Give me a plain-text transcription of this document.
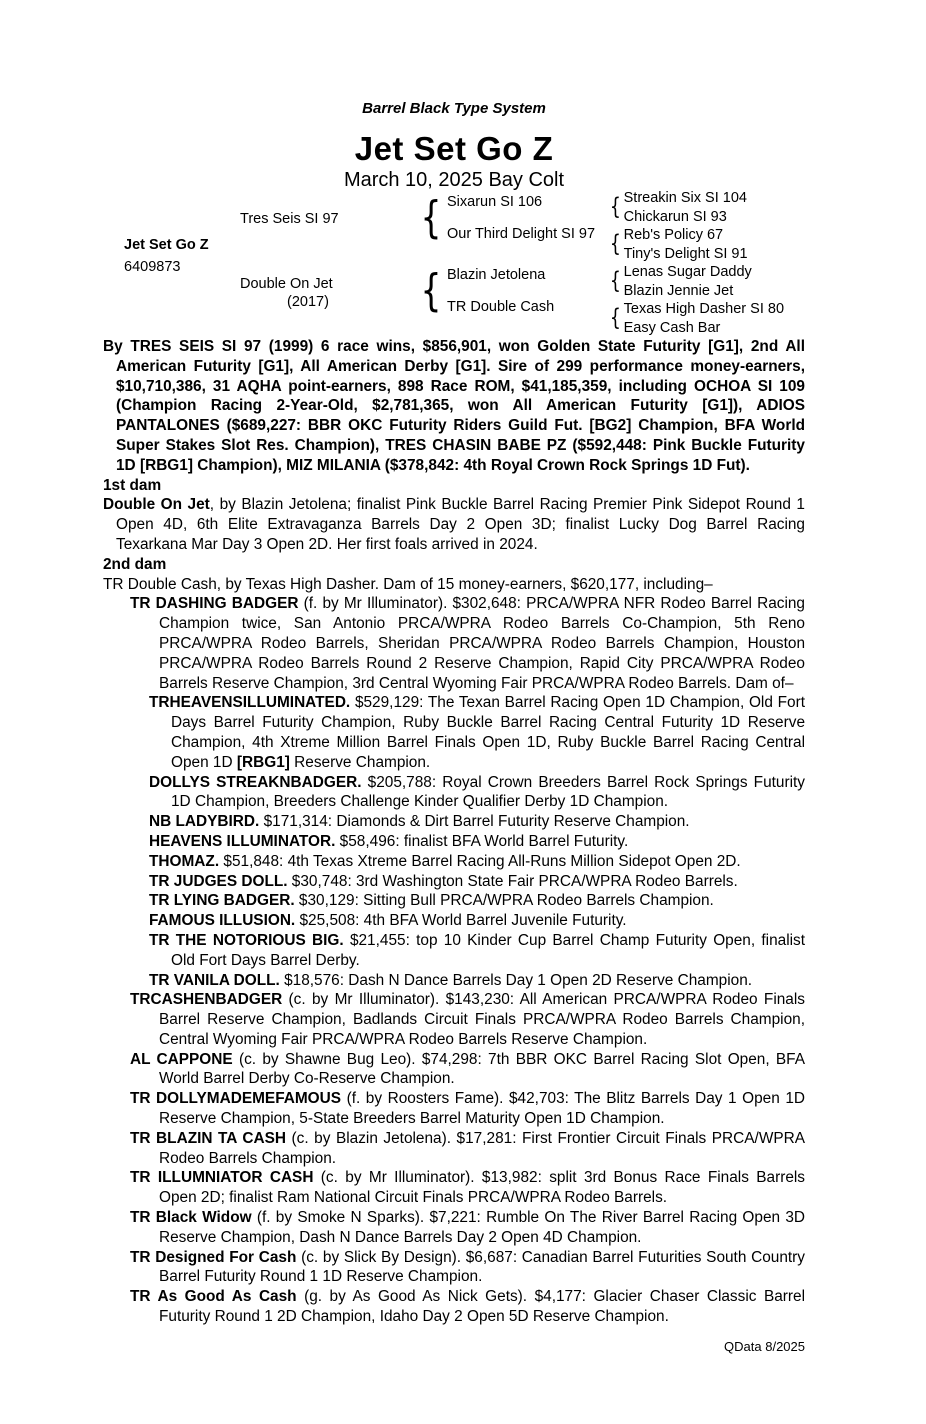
Barrel Black Type System
Jet Set Go Z
March 10, 2025 Bay Colt
Jet Set Go Z
6409873
Tres Seis SI 97
Double On Jet
(2017)
{ Sixarun SI 106
Our Third Delight SI 97
{ Blazin Jetolena
TR Double Cash
{ Streakin Six SI 104
Chickarun SI 93
{ Reb's Policy 67
Tiny's Delight SI 91
{ Lenas Sugar Daddy
Blazin Jennie Jet
{ Texas High Dasher SI 80
Easy Cash Bar
By TRES SEIS SI 97 (1999) 6 race wins, $856,901, won Golden State Futurity [G1], 2nd All American Futurity [G1], All American Derby [G1]. Sire of 299 performance money-earners, $10,710,386, 31 AQHA point-earners, 898 Race ROM, $41,185,359, including OCHOA SI 109 (Champion Racing 2-Year-Old, $2,781,365, won All American Futurity [G1]), ADIOS PANTALONES ($689,227: BBR OKC Futurity Riders Guild Fut. [BG2] Champion, BFA World Super Stakes Slot Res. Champion), TRES CHASIN BABE PZ ($592,448: Pink Buckle Futurity 1D [RBG1] Champion), MIZ MILANIA ($378,842: 4th Royal Crown Rock Springs 1D Fut).
1st dam
Double On Jet, by Blazin Jetolena; finalist Pink Buckle Barrel Racing Premier Pink Sidepot Round 1 Open 4D, 6th Elite Extravaganza Barrels Day 2 Open 3D; finalist Lucky Dog Barrel Racing Texarkana Mar Day 3 Open 2D. Her first foals arrived in 2024.
2nd dam
TR Double Cash, by Texas High Dasher. Dam of 15 money-earners, $620,177, including–
TR DASHING BADGER (f. by Mr Illuminator). $302,648: PRCA/WPRA NFR Rodeo Barrel Racing Champion twice, San Antonio PRCA/WPRA Rodeo Barrels Co-Champion, 5th Reno PRCA/WPRA Rodeo Barrels, Sheridan PRCA/WPRA Rodeo Barrels Champion, Houston PRCA/WPRA Rodeo Barrels Round 2 Reserve Champion, Rapid City PRCA/WPRA Rodeo Barrels Reserve Champion, 3rd Central Wyoming Fair PRCA/WPRA Rodeo Barrels. Dam of–
TRHEAVENSILLUMINATED. $529,129: The Texan Barrel Racing Open 1D Champion, Old Fort Days Barrel Futurity Champion, Ruby Buckle Barrel Racing Central Futurity 1D Reserve Champion, 4th Xtreme Million Barrel Finals Open 1D, Ruby Buckle Barrel Racing Central Open 1D [RBG1] Reserve Champion.
DOLLYS STREAKNBADGER. $205,788: Royal Crown Breeders Barrel Rock Springs Futurity 1D Champion, Breeders Challenge Kinder Qualifier Derby 1D Champion.
NB LADYBIRD. $171,314: Diamonds & Dirt Barrel Futurity Reserve Champion.
HEAVENS ILLUMINATOR. $58,496: finalist BFA World Barrel Futurity.
THOMAZ. $51,848: 4th Texas Xtreme Barrel Racing All-Runs Million Sidepot Open 2D.
TR JUDGES DOLL. $30,748: 3rd Washington State Fair PRCA/WPRA Rodeo Barrels.
TR LYING BADGER. $30,129: Sitting Bull PRCA/WPRA Rodeo Barrels Champion.
FAMOUS ILLUSION. $25,508: 4th BFA World Barrel Juvenile Futurity.
TR THE NOTORIOUS BIG. $21,455: top 10 Kinder Cup Barrel Champ Futurity Open, finalist Old Fort Days Barrel Derby.
TR VANILA DOLL. $18,576: Dash N Dance Barrels Day 1 Open 2D Reserve Champion.
TRCASHENBADGER (c. by Mr Illuminator). $143,230: All American PRCA/WPRA Rodeo Finals Barrel Reserve Champion, Badlands Circuit Finals PRCA/WPRA Rodeo Barrels Champion, Central Wyoming Fair PRCA/WPRA Rodeo Barrels Reserve Champion.
AL CAPPONE (c. by Shawne Bug Leo). $74,298: 7th BBR OKC Barrel Racing Slot Open, BFA World Barrel Derby Co-Reserve Champion.
TR DOLLYMADEMEFAMOUS (f. by Roosters Fame). $42,703: The Blitz Barrels Day 1 Open 1D Reserve Champion, 5-State Breeders Barrel Maturity Open 1D Champion.
TR BLAZIN TA CASH (c. by Blazin Jetolena). $17,281: First Frontier Circuit Finals PRCA/WPRA Rodeo Barrels Champion.
TR ILLUMNIATOR CASH (c. by Mr Illuminator). $13,982: split 3rd Bonus Race Finals Barrels Open 2D; finalist Ram National Circuit Finals PRCA/WPRA Rodeo Barrels.
TR Black Widow (f. by Smoke N Sparks). $7,221: Rumble On The River Barrel Racing Open 3D Reserve Champion, Dash N Dance Barrels Day 2 Open 4D Champion.
TR Designed For Cash (c. by Slick By Design). $6,687: Canadian Barrel Futurities South Country Barrel Futurity Round 1 1D Reserve Champion.
TR As Good As Cash (g. by As Good As Nick Gets). $4,177: Glacier Chaser Classic Barrel Futurity Round 1 2D Champion, Idaho Day 2 Open 5D Reserve Champion.
QData 8/2025
